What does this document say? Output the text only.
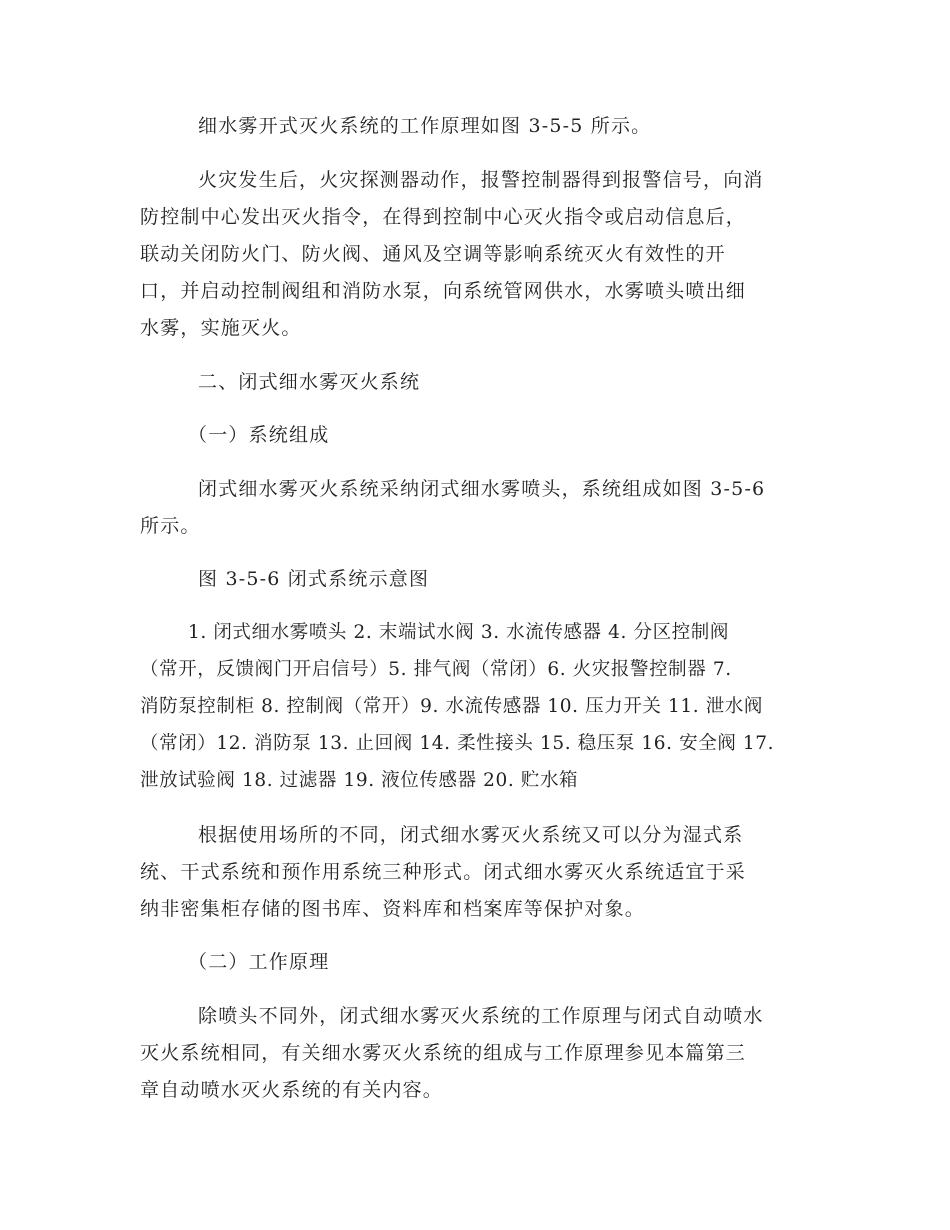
细水雾开式灭火系统的工作原理如图 3-5-5 所示。
火灾发生后，火灾探测器动作，报警控制器得到报警信号，向消
防控制中心发出灭火指令，在得到控制中心灭火指令或启动信息后，
联动关闭防火门、防火阀、通风及空调等影响系统灭火有效性的开
口，并启动控制阀组和消防水泵，向系统管网供水，水雾喷头喷出细
水雾，实施灭火。
二、闭式细水雾灭火系统
（一）系统组成
闭式细水雾灭火系统采纳闭式细水雾喷头，系统组成如图 3-5-6
所示。
图 3-5-6 闭式系统示意图
1. 闭式细水雾喷头 2. 末端试水阀 3. 水流传感器 4. 分区控制阀
（常开，反馈阀门开启信号）5. 排气阀（常闭）6. 火灾报警控制器 7.
消防泵控制柜 8. 控制阀（常开）9. 水流传感器 10. 压力开关 11. 泄水阀
（常闭）12. 消防泵 13. 止回阀 14. 柔性接头 15. 稳压泵 16. 安全阀 17.
泄放试验阀 18. 过滤器 19. 液位传感器 20. 贮水箱
根据使用场所的不同，闭式细水雾灭火系统又可以分为湿式系
统、干式系统和预作用系统三种形式。闭式细水雾灭火系统适宜于采
纳非密集柜存储的图书库、资料库和档案库等保护对象。
（二）工作原理
除喷头不同外，闭式细水雾灭火系统的工作原理与闭式自动喷水
灭火系统相同，有关细水雾灭火系统的组成与工作原理参见本篇第三
章自动喷水灭火系统的有关内容。
